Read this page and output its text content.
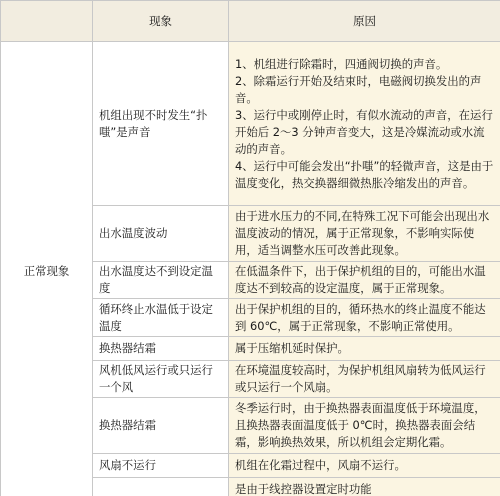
	现象	原因
正常现象	机组出现不时发生“扑嗤”是声音	1、机组进行除霜时，四通阀切换的声音。
2、除霜运行开始及结束时，电磁阀切换发出的声音。
3、运行中或刚停止时，有似水流动的声音，在运行开始后 2～3 分钟声音变大，这是冷媒流动或水流动的声音。
4、运行中可能会发出“扑嗤”的轻微声音，这是由于温度变化，热交换器细微热胀冷缩发出的声音。

	出水温度波动	由于进水压力的不同,在特殊工况下可能会出现出水温度波动的情况，属于正常现象，不影响实际使用，适当调整水压可改善此现象。
	出水温度达不到设定温度	在低温条件下，出于保护机组的目的，可能出水温度达不到较高的设定温度，属于正常现象。
	循环终止水温低于设定温度	出于保护机组的目的，循环热水的终止温度不能达到 60℃，属于正常现象，不影响正常使用。
	换热器结霜	属于压缩机延时保护。
	风机低风运行或只运行一个风	在环境温度较高时，为保护机组风扇转为低风运行或只运行一个风扇。
	换热器结霜	冬季运行时，由于换热器表面温度低于环境温度，且换热器表面温度低于 0℃时，换热器表面会结霜，影响换热效果，所以机组会定期化霜。
	风扇不运行	机组在化霜过程中，风扇不运行。
		是由于线控器设置定时功能
